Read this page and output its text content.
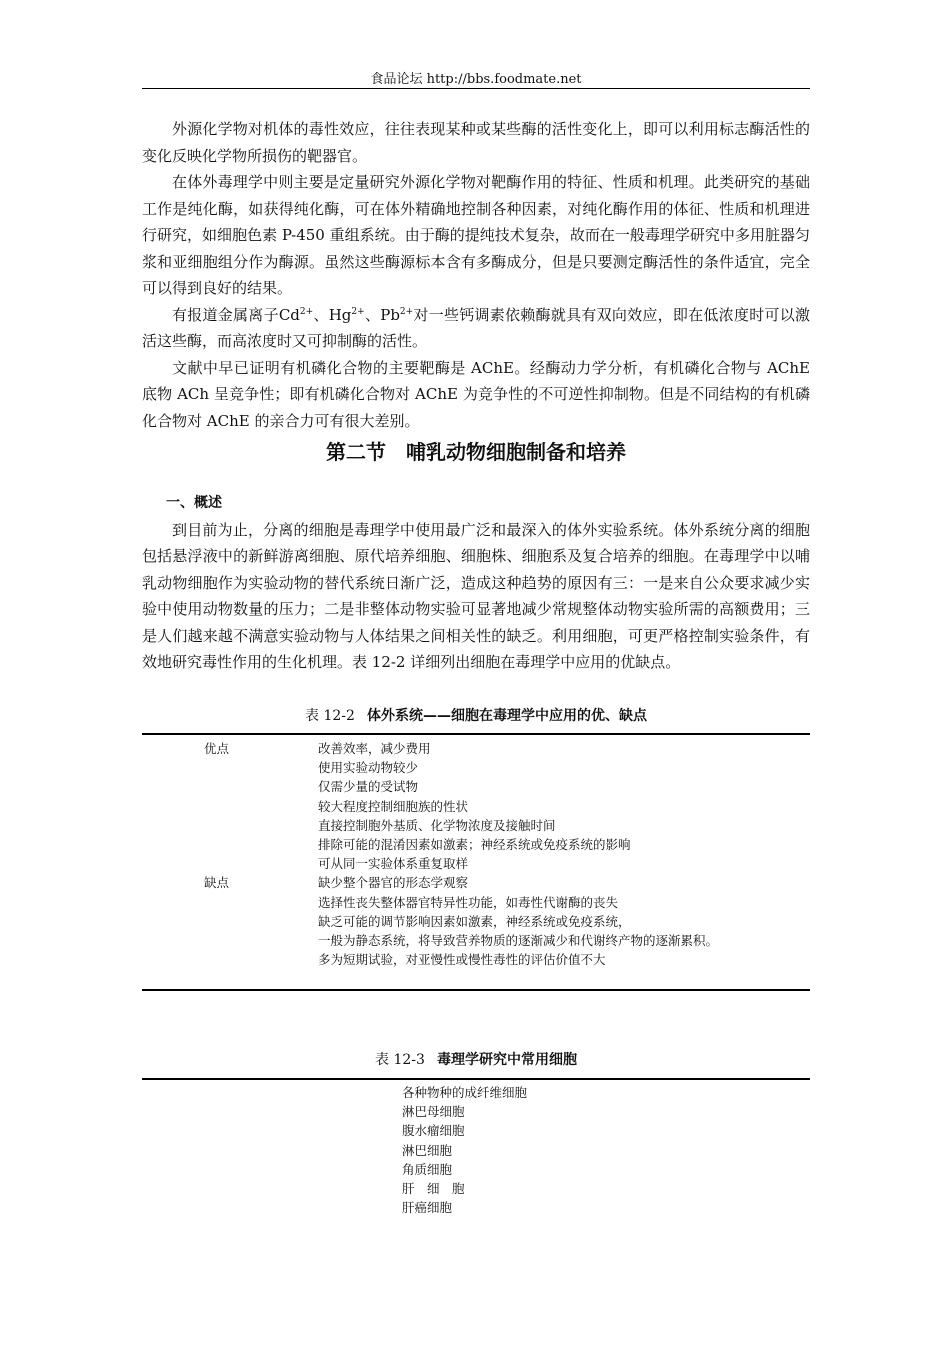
食品论坛 http://bbs.foodmate.net

外源化学物对机体的毒性效应，往往表现某种或某些酶的活性变化上，即可以利用标志酶活性的变化反映化学物所损伤的靶器官。

在体外毒理学中则主要是定量研究外源化学物对靶酶作用的特征、性质和机理。此类研究的基础工作是纯化酶，如获得纯化酶，可在体外精确地控制各种因素，对纯化酶作用的体征、性质和机理进行研究，如细胞色素 P-450 重组系统。由于酶的提纯技术复杂，故而在一般毒理学研究中多用脏器匀浆和亚细胞组分作为酶源。虽然这些酶源标本含有多酶成分，但是只要测定酶活性的条件适宜，完全可以得到良好的结果。

有报道金属离子$Cd^{2+}$、$Hg^{2+}$、$Pb^{2+}$对一些钙调素依赖酶就具有双向效应，即在低浓度时可以激活这些酶，而高浓度时又可抑制酶的活性。

文献中早已证明有机磷化合物的主要靶酶是 AChE。经酶动力学分析，有机磷化合物与 AChE 底物 ACh 呈竞争性；即有机磷化合物对 AChE 为竞争性的不可逆性抑制物。但是不同结构的有机磷化合物对 AChE 的亲合力可有很大差别。

第二节　哺乳动物细胞制备和培养
一、概述

到目前为止，分离的细胞是毒理学中使用最广泛和最深入的体外实验系统。体外系统分离的细胞包括悬浮液中的新鲜游离细胞、原代培养细胞、细胞株、细胞系及复合培养的细胞。在毒理学中以哺乳动物细胞作为实验动物的替代系统日渐广泛，造成这种趋势的原因有三：一是来自公众要求减少实验中使用动物数量的压力；二是非整体动物实验可显著地减少常规整体动物实验所需的高额费用；三是人们越来越不满意实验动物与人体结果之间相关性的缺乏。利用细胞，可更严格控制实验条件，有效地研究毒性作用的生化机理。表 12-2 详细列出细胞在毒理学中应用的优缺点。

表 12-2 体外系统——细胞在毒理学中应用的优、缺点
优点	改善效率，减少费用
使用实验动物较少
仅需少量的受试物
较大程度控制细胞族的性状
直接控制胞外基质、化学物浓度及接触时间
排除可能的混淆因素如激素；神经系统或免疫系统的影响
可从同一实验体系重复取样
缺点	缺少整个器官的形态学观察
选择性丧失整体器官特异性功能，如毒性代谢酶的丧失
缺乏可能的调节影响因素如激素，神经系统或免疫系统，
一般为静态系统，将导致营养物质的逐渐减少和代谢终产物的逐渐累积。
多为短期试验，对亚慢性或慢性毒性的评估价值不大
表 12-3 毒理学研究中常用细胞
各种物种的成纤维细胞
淋巴母细胞
腹水瘤细胞
淋巴细胞
角质细胞
肝　细　胞
肝癌细胞
